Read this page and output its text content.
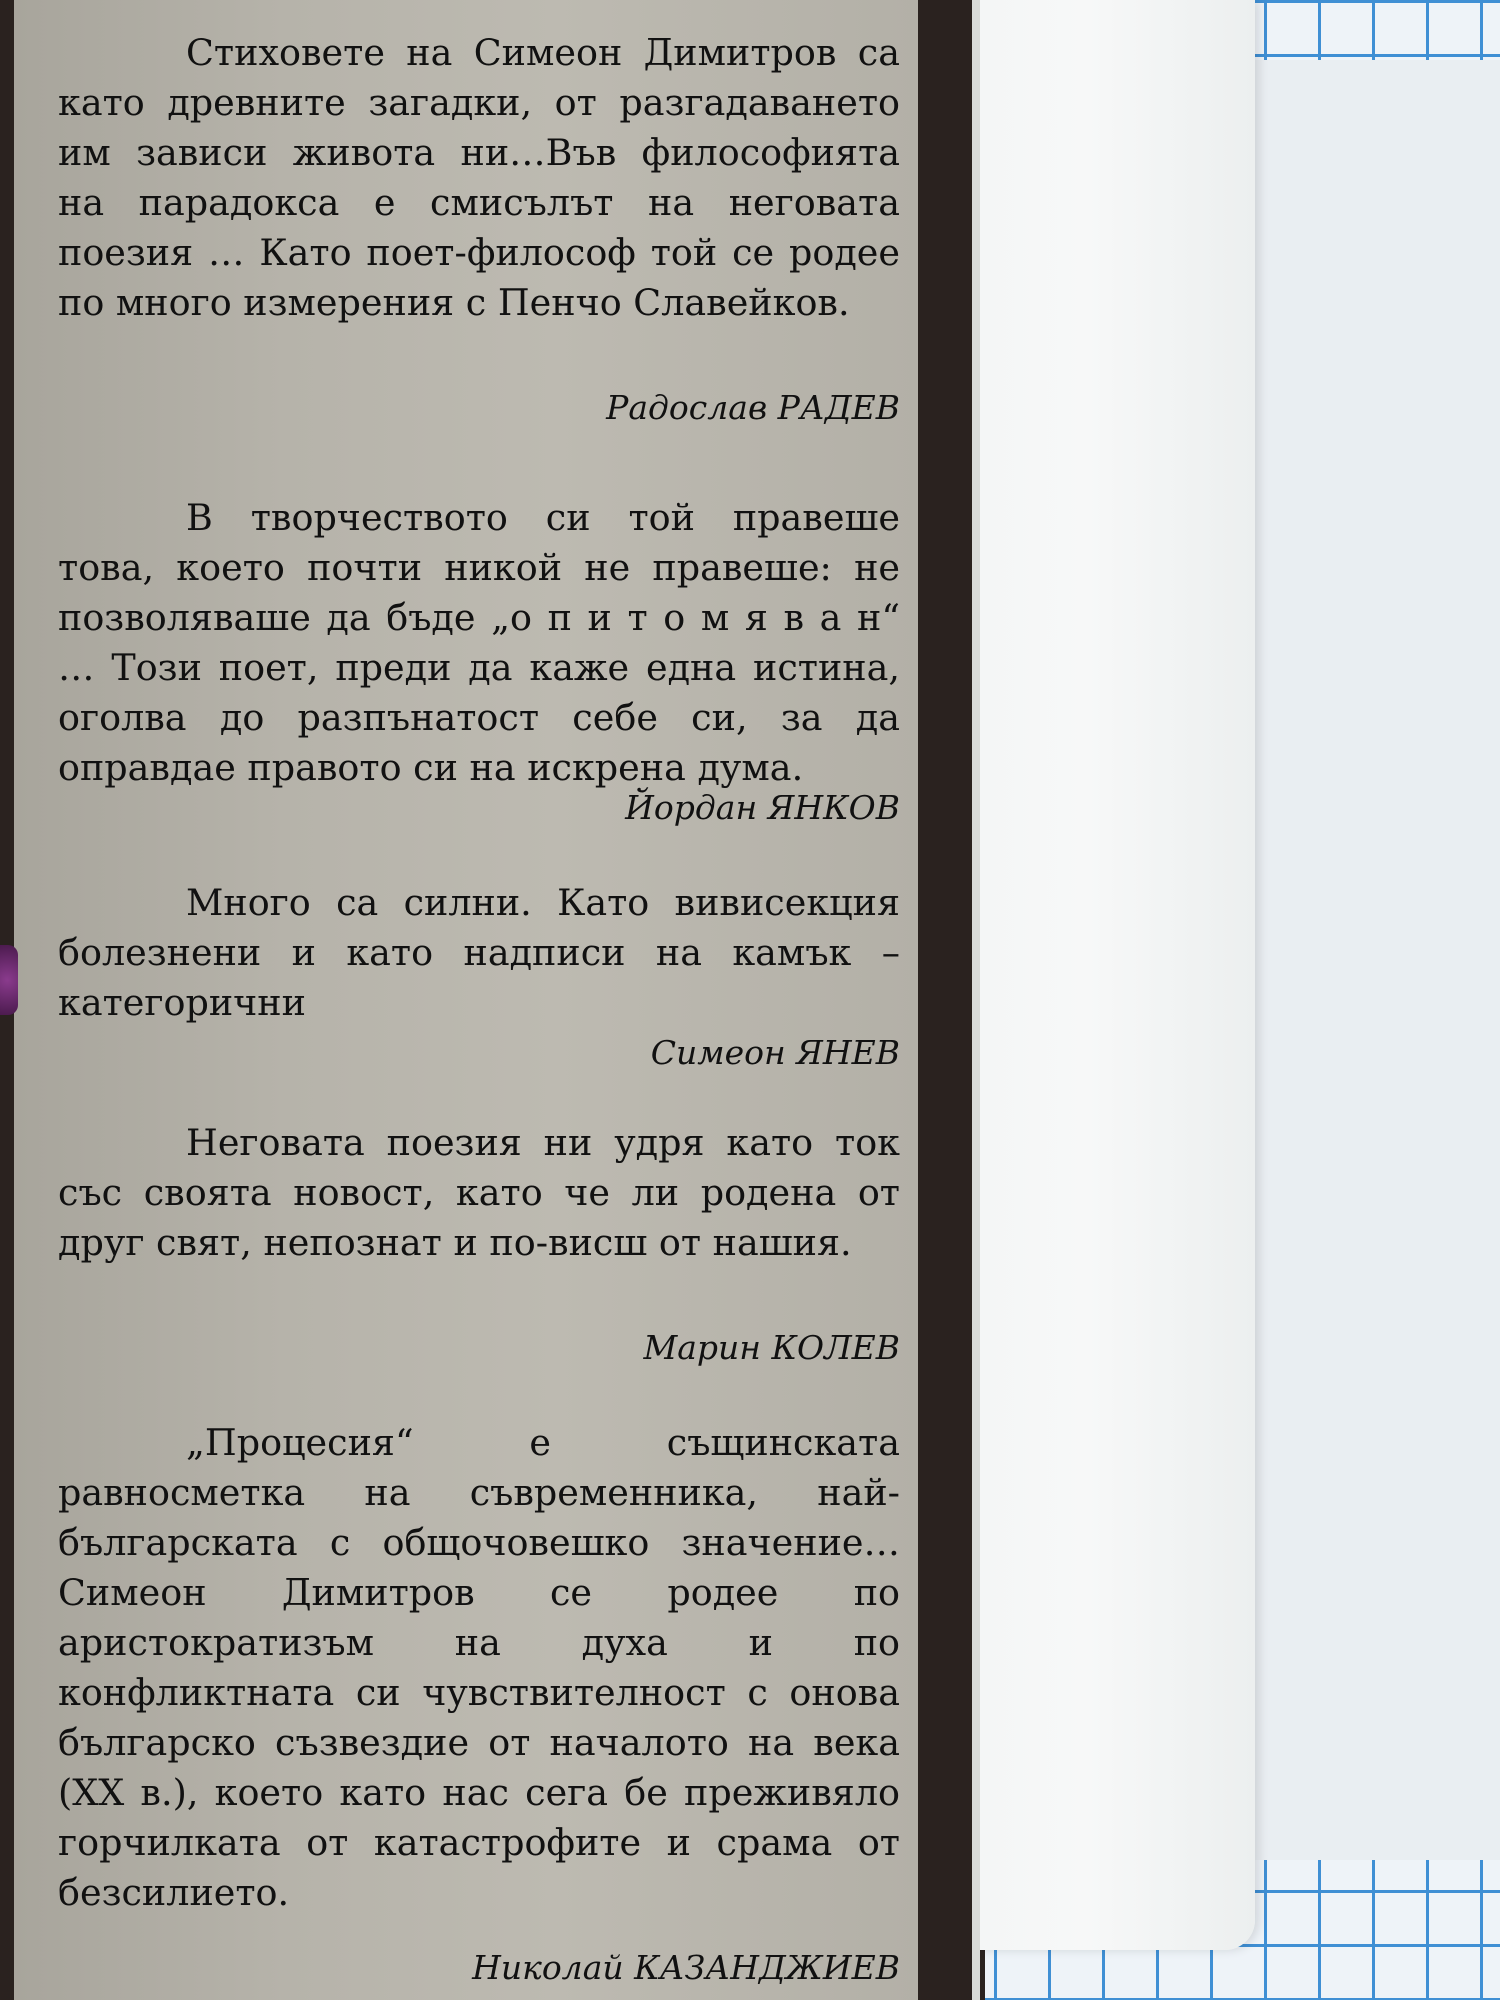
Стиховете на Симеон Димитров са като древните загадки, от разгадаването им зависи живота ни…Във философията на парадокса е смисълът на неговата поезия … Като поет-философ той се родее по много измерения с Пенчо Славейков.

Радослав РАДЕВ

В творчеството си той правеше това, което почти никой не правеше: не позволяваше да бъде „о п и т о м я в а н“ … Този поет, преди да каже една истина, оголва до разпънатост себе си, за да оправдае правото си на искрена дума.

Йордан ЯНКОВ

Много са силни. Като вивисекция болезнени и като надписи на камък – категорични

Симеон ЯНЕВ

Неговата поезия ни удря като ток със своята новост, като че ли родена от друг свят, непознат и по-висш от нашия.

Марин КОЛЕВ

„Процесия“ е същинската равносметка на съвременника, най-българската с общочовешко значение… Симеон Димитров се родее по аристократизъм на духа и по конфликтната си чувствителност с онова българско съзвездие от началото на века (XX в.), което като нас сега бе преживяло горчилката от катастрофите и срама от безсилието.

Николай КАЗАНДЖИЕВ
